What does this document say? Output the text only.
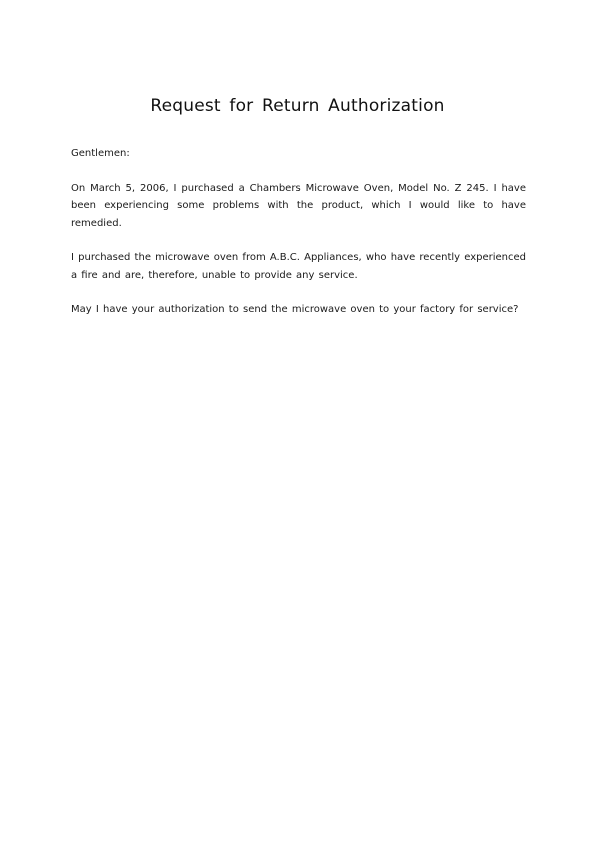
Request for Return Authorization

Gentlemen:

On March 5, 2006, I purchased a Chambers Microwave Oven, Model No. Z 245. I have been experiencing some problems with the product, which I would like to have remedied.

I purchased the microwave oven from A.B.C. Appliances, who have recently experienced a fire and are, therefore, unable to provide any service.

May I have your authorization to send the microwave oven to your factory for service?
